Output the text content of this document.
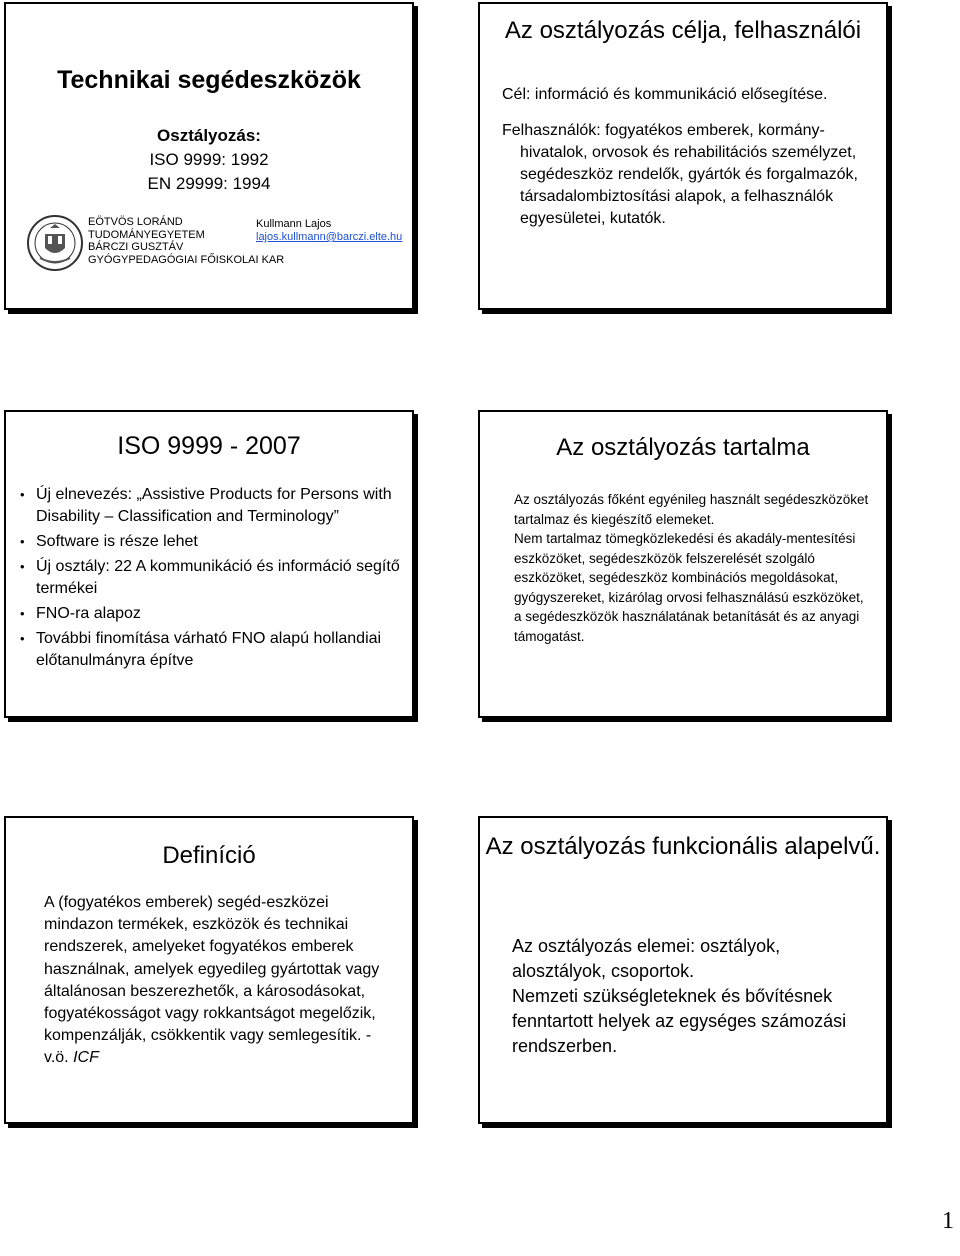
Technikai segédeszközök
Osztályozás:
ISO 9999: 1992
EN 29999: 1994
EÖTVÖS LORÁND
TUDOMÁNYEGYETEM
BÁRCZI GUSZTÁV
GYÓGYPEDAGÓGIAI FŐISKOLAI KAR
Kullmann Lajos
lajos.kullmann@barczi.elte.hu
Az osztályozás célja, felhasználói

Cél: információ és kommunikáció elősegítése.

Felhasználók: fogyatékos emberek, kormány-hivatalok, orvosok és rehabilitációs személyzet, segédeszköz rendelők, gyártók és forgalmazók, társadalombiztosítási alapok, a felhasználók egyesületei, kutatók.

ISO 9999 - 2007
• Új elnevezés: „Assistive Products for Persons with Disability – Classification and Terminology”
• Software is része lehet
• Új osztály: 22 A kommunikáció és információ segítő termékei
• FNO-ra alapoz
• További finomítása várható FNO alapú hollandiai előtanulmányra építve
Az osztályozás tartalma

Az osztályozás főként egyénileg használt segédeszközöket tartalmaz és kiegészítő elemeket.

Nem tartalmaz tömegközlekedési és akadály-mentesítési eszközöket, segédeszközök felszerelését szolgáló eszközöket, segédeszköz kombinációs megoldásokat, gyógyszereket, kizárólag orvosi felhasználású eszközöket, a segédeszközök használatának betanítását és az anyagi támogatást.

Definíció
A (fogyatékos emberek) segéd-eszközei mindazon termékek, eszközök és technikai rendszerek, amelyeket fogyatékos emberek használnak, amelyek egyedileg gyártottak vagy általánosan beszerezhetők, a károsodásokat, fogyatékosságot vagy rokkantságot megelőzik, kompenzálják, csökkentik vagy semlegesítik. - v.ö. ICF
Az osztályozás funkcionális alapelvű.

Az osztályozás elemei: osztályok, alosztályok, csoportok.

Nemzeti szükségleteknek és bővítésnek fenntartott helyek az egységes számozási rendszerben.

1
